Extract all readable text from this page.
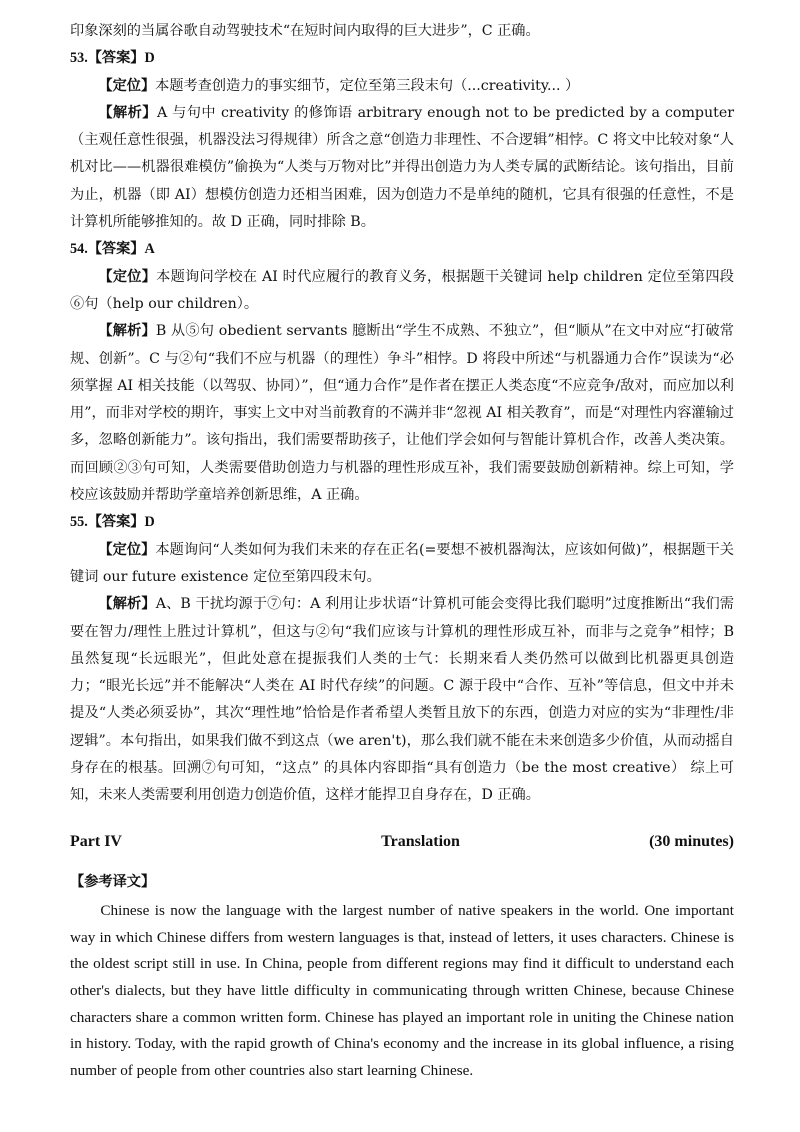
印象深刻的当属谷歌自动驾驶技术“在短时间内取得的巨大进步”，C 正确。

53.【答案】D

【定位】本题考查创造力的事实细节，定位至第三段末句（...creativity... ）

【解析】A 与句中 creativity 的修饰语 arbitrary enough not to be predicted by a computer（主观任意性很强，机器没法习得规律）所含之意“创造力非理性、不合逻辑”相悖。C 将文中比较对象“人机对比——机器很难模仿”偷换为“人类与万物对比”并得出创造力为人类专属的武断结论。该句指出，目前为止，机器（即 AI）想模仿创造力还相当困难，因为创造力不是单纯的随机，它具有很强的任意性，不是计算机所能够推知的。故 D 正确，同时排除 B。

54.【答案】A

【定位】本题询问学校在 AI 时代应履行的教育义务，根据题干关键词 help children 定位至第四段⑥句（help our children）。

【解析】B 从⑤句 obedient servants 臆断出“学生不成熟、不独立”，但“顺从”在文中对应“打破常规、创新”。C 与②句“我们不应与机器（的理性）争斗”相悖。D 将段中所述“与机器通力合作”误读为“必须掌握 AI 相关技能（以驾驭、协同）”，但“通力合作”是作者在摆正人类态度“不应竞争/敌对，而应加以利用”，而非对学校的期许，事实上文中对当前教育的不满并非“忽视 AI 相关教育”，而是“对理性内容灌输过多，忽略创新能力”。该句指出，我们需要帮助孩子，让他们学会如何与智能计算机合作，改善人类决策。而回顾②③句可知，人类需要借助创造力与机器的理性形成互补，我们需要鼓励创新精神。综上可知，学校应该鼓励并帮助学童培养创新思维，A 正确。

55.【答案】D

【定位】本题询问“人类如何为我们未来的存在正名(=要想不被机器淘汰，应该如何做)”，根据题干关键词 our future existence 定位至第四段末句。

【解析】A、B 干扰均源于⑦句：A 利用让步状语“计算机可能会变得比我们聪明”过度推断出“我们需要在智力/理性上胜过计算机”，但这与②句“我们应该与计算机的理性形成互补，而非与之竞争”相悖；B 虽然复现“长远眼光”，但此处意在提振我们人类的士气：长期来看人类仍然可以做到比机器更具创造力；“眼光长远”并不能解决“人类在 AI 时代存续”的问题。C 源于段中“合作、互补”等信息，但文中并未提及“人类必须妥协”，其次“理性地”恰恰是作者希望人类暂且放下的东西，创造力对应的实为“非理性/非逻辑”。本句指出，如果我们做不到这点（we aren't)，那么我们就不能在未来创造多少价值，从而动摇自身存在的根基。回溯⑦句可知，“这点” 的具体内容即指“具有创造力（be the most creative） 综上可知，未来人类需要利用创造力创造价值，这样才能捍卫自身存在，D 正确。

Part IV	Translation	(30 minutes)

【参考译文】

Chinese is now the language with the largest number of native speakers in the world. One important way in which Chinese differs from western languages is that, instead of letters, it uses characters. Chinese is the oldest script still in use. In China, people from different regions may find it difficult to understand each other's dialects, but they have little difficulty in communicating through written Chinese, because Chinese characters share a common written form. Chinese has played an important role in uniting the Chinese nation in history. Today, with the rapid growth of China's economy and the increase in its global influence, a rising number of people from other countries also start learning Chinese.
